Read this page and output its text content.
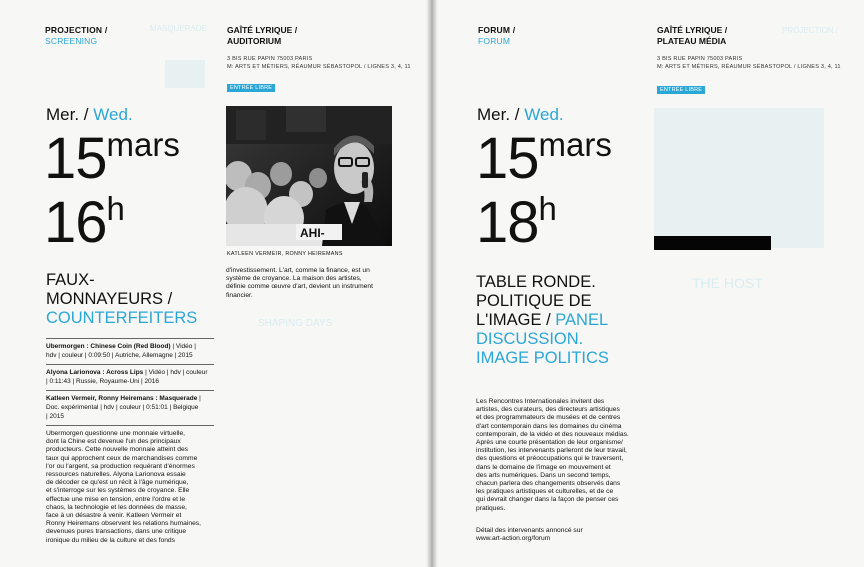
MASQUERADE
SHAPING DAYS
PROJECTION /
SCREENING
GAÎTÉ LYRIQUE /
AUDITORIUM
3 BIS RUE PAPIN 75003 PARIS
M: ARTS ET MÉTIERS, RÉAUMUR SÉBASTOPOL / LIGNES 3, 4, 11
ENTRÉE LIBRE
Mer. / Wed.
15mars
16h
FAUX-
MONNAYEURS /
COUNTERFEITERS
Ubermorgen : Chinese Coin (Red Blood) | Vidéo |
hdv | couleur | 0:09:50 | Autriche, Allemagne | 2015
Alyona Larionova : Across Lips | Vidéo | hdv | couleur
| 0:11:43 | Russie, Royaume-Uni | 2016
Katleen Vermeir, Ronny Heiremans : Masquerade |
Doc. expérimental | hdv | couleur | 0:51:01 | Belgique
| 2015
Ubermorgen questionne une monnaie virtuelle,
dont la Chine est devenue l'un des principaux
producteurs. Cette nouvelle monnaie atteint des
taux qui approchent ceux de marchandises comme
l'or ou l'argent, sa production requérant d'énormes
ressources naturelles. Alyona Larionova essaie
de décoder ce qu'est un récit à l'âge numérique,
et s'interroge sur les systèmes de croyance. Elle
effectue une mise en tension, entre l'ordre et le
chaos, la technologie et les données de masse,
face à un désastre à venir. Katleen Vermeir et
Ronny Heiremans observent les relations humaines,
devenues pures transactions, dans une critique
ironique du milieu de la culture et des fonds
AHI-
KATLEEN VERMEIR, RONNY HEIREMANS
d'investissement. L'art, comme la finance, est un
système de croyance. La maison des artistes,
définie comme œuvre d'art, devient un instrument
financier.
PROJECTION /
THE HOST
FORUM /
FORUM
GAÎTÉ LYRIQUE /
PLATEAU MÉDIA
3 BIS RUE PAPIN 75003 PARIS
M: ARTS ET MÉTIERS, RÉAUMUR SÉBASTOPOL / LIGNES 3, 4, 11
ENTRÉE LIBRE
Mer. / Wed.
15mars
18h
TABLE RONDE.
POLITIQUE DE
L'IMAGE / PANEL
DISCUSSION.
IMAGE POLITICS
Les Rencontres Internationales invitent des
artistes, des curateurs, des directeurs artistiques
et des programmateurs de musées et de centres
d'art contemporain dans les domaines du cinéma
contemporain, de la vidéo et des nouveaux médias.
Après une courte présentation de leur organisme/
institution, les intervenants parleront de leur travail,
des questions et préoccupations qui le traversent,
dans le domaine de l'image en mouvement et
des arts numériques. Dans un second temps,
chacun parlera des changements observés dans
les pratiques artistiques et culturelles, et de ce
qui devrait changer dans la façon de penser ces
pratiques.
Détail des intervenants annoncé sur
www.art-action.org/forum
